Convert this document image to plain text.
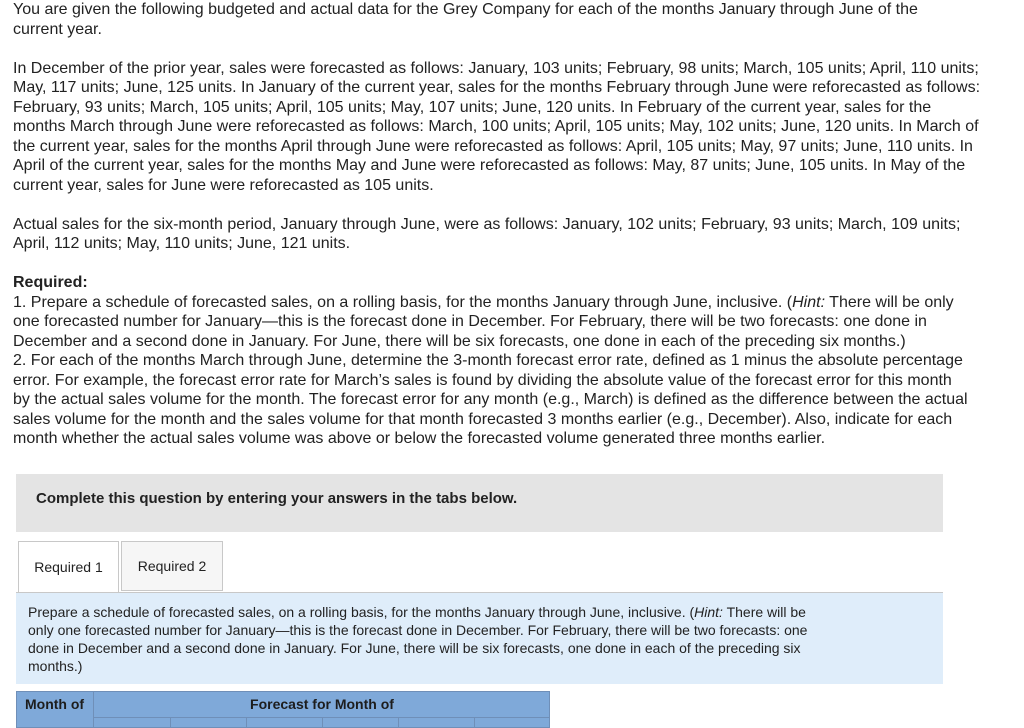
You are given the following budgeted and actual data for the Grey Company for each of the months January through June of the

current year.

In December of the prior year, sales were forecasted as follows: January, 103 units; February, 98 units; March, 105 units; April, 110 units;

May, 117 units; June, 125 units. In January of the current year, sales for the months February through June were reforecasted as follows:

February, 93 units; March, 105 units; April, 105 units; May, 107 units; June, 120 units. In February of the current year, sales for the

months March through June were reforecasted as follows: March, 100 units; April, 105 units; May, 102 units; June, 120 units. In March of

the current year, sales for the months April through June were reforecasted as follows: April, 105 units; May, 97 units; June, 110 units. In

April of the current year, sales for the months May and June were reforecasted as follows: May, 87 units; June, 105 units. In May of the

current year, sales for June were reforecasted as 105 units.

Actual sales for the six-month period, January through June, were as follows: January, 102 units; February, 93 units; March, 109 units;

April, 112 units; May, 110 units; June, 121 units.

Required:

1. Prepare a schedule of forecasted sales, on a rolling basis, for the months January through June, inclusive. (Hint: There will be only

one forecasted number for January—this is the forecast done in December. For February, there will be two forecasts: one done in

December and a second done in January. For June, there will be six forecasts, one done in each of the preceding six months.)

2. For each of the months March through June, determine the 3-month forecast error rate, defined as 1 minus the absolute percentage

error. For example, the forecast error rate for March’s sales is found by dividing the absolute value of the forecast error for this month

by the actual sales volume for the month. The forecast error for any month (e.g., March) is defined as the difference between the actual

sales volume for the month and the sales volume for that month forecasted 3 months earlier (e.g., December). Also, indicate for each

month whether the actual sales volume was above or below the forecasted volume generated three months earlier.

Complete this question by entering your answers in the tabs below.
Required 1	Required 2
Prepare a schedule of forecasted sales, on a rolling basis, for the months January through June, inclusive. (Hint: There will be
only one forecasted number for January—this is the forecast done in December. For February, there will be two forecasts: one
done in December and a second done in January. For June, there will be six forecasts, one done in each of the preceding six
months.)
Month of	Forecast for Month of
